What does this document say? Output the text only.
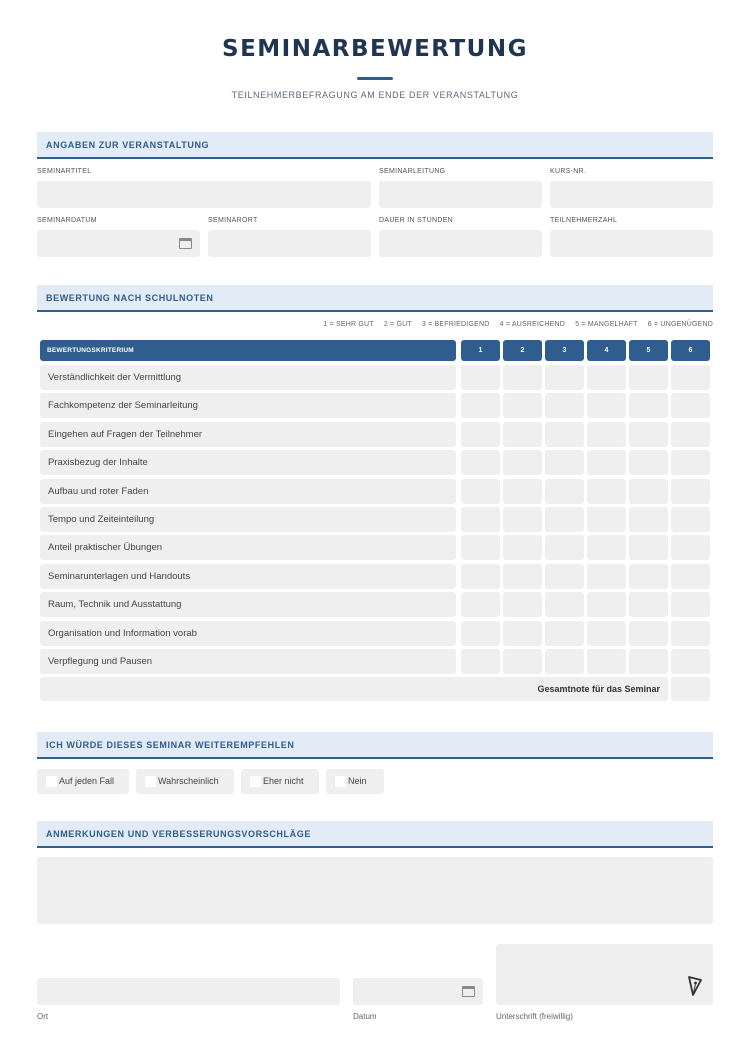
SEMINARBEWERTUNG
TEILNEHMERBEFRAGUNG AM ENDE DER VERANSTALTUNG
ANGABEN ZUR VERANSTALTUNG
SEMINARTITEL	SEMINARLEITUNG	KURS-NR.
SEMINARDATUM	SEMINARORT	DAUER IN STUNDEN	TEILNEHMERZAHL
BEWERTUNG NACH SCHULNOTEN
1 = SEHR GUT 2 = GUT 3 = BEFRIEDIGEND 4 = AUSREICHEND 5 = MANGELHAFT 6 = UNGENÜGEND
BEWERTUNGSKRITERIUM	1	2	3	4	5	6
Verständlichkeit der Vermittlung
Fachkompetenz der Seminarleitung
Eingehen auf Fragen der Teilnehmer
Praxisbezug der Inhalte
Aufbau und roter Faden
Tempo und Zeiteinteilung
Anteil praktischer Übungen
Seminarunterlagen und Handouts
Raum, Technik und Ausstattung
Organisation und Information vorab
Verpflegung und Pausen
Gesamtnote für das Seminar
ICH WÜRDE DIESES SEMINAR WEITEREMPFEHLEN
Auf jeden Fall	Wahrscheinlich	Eher nicht	Nein
ANMERKUNGEN UND VERBESSERUNGSVORSCHLÄGE
Ort	Datum	Unterschrift (freiwillig)
